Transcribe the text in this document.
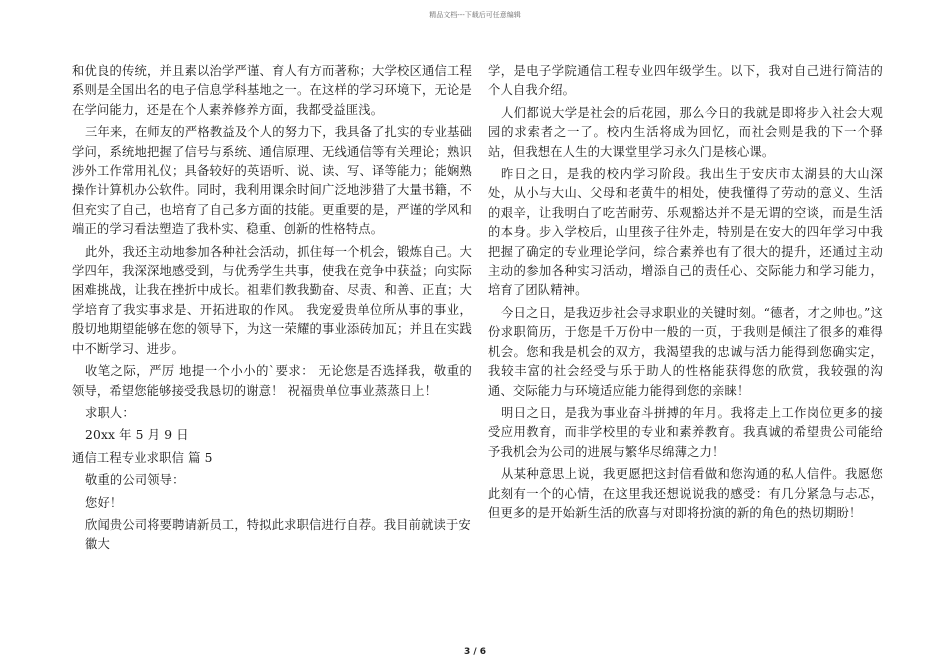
精品文档---下载后可任意编辑

和优良的传统，并且素以治学严谨、育人有方而著称；大学校区通信工程系则是全国出名的电子信息学科基地之一。在这样的学习环境下，无论是在学问能力，还是在个人素养修养方面，我都受益匪浅。

三年来，在师友的严格教益及个人的努力下，我具备了扎实的专业基础学问，系统地把握了信号与系统、通信原理、无线通信等有关理论；熟识涉外工作常用礼仪；具备较好的英语听、说、读、写、译等能力；能娴熟操作计算机办公软件。同时，我利用课余时间广泛地涉猎了大量书籍，不但充实了自己，也培育了自己多方面的技能。更重要的是，严谨的学风和端正的学习看法塑造了我朴实、稳重、创新的性格特点。

此外，我还主动地参加各种社会活动，抓住每一个机会，锻炼自己。大学四年，我深深地感受到，与优秀学生共事，使我在竞争中获益；向实际困难挑战，让我在挫折中成长。祖辈们教我勤奋、尽责、和善、正直；大学培育了我实事求是、开拓进取的作风。 我宠爱贵单位所从事的事业，殷切地期望能够在您的领导下，为这一荣耀的事业添砖加瓦；并且在实践中不断学习、进步。

收笔之际，严厉 地提一个小小的`要求： 无论您是否选择我，敬重的领导，希望您能够接受我恳切的谢意！ 祝福贵单位事业蒸蒸日上！

求职人：
20xx 年 5 月 9 日
通信工程专业求职信 篇 5
敬重的公司领导：
您好！
欣闻贵公司将要聘请新员工，特拟此求职信进行自荐。我目前就读于安徽大

学，是电子学院通信工程专业四年级学生。以下，我对自己进行简洁的个人自我介绍。

人们都说大学是社会的后花园，那么今日的我就是即将步入社会大观园的求索者之一了。校内生活将成为回忆，而社会则是我的下一个驿站，但我想在人生的大课堂里学习永久门是核心课。

昨日之日，是我的校内学习阶段。我出生于安庆市太湖县的大山深处，从小与大山、父母和老黄牛的相处，使我懂得了劳动的意义、生活的艰辛，让我明白了吃苦耐劳、乐观豁达并不是无谓的空谈，而是生活的本身。步入学校后，山里孩子往外走，特别是在安大的四年学习中我把握了确定的专业理论学问，综合素养也有了很大的提升，还通过主动主动的参加各种实习活动，增添自己的责任心、交际能力和学习能力，培育了团队精神。

今日之日，是我迈步社会寻求职业的关键时刻。“德者，才之帅也。”这份求职简历，于您是千万份中一般的一页，于我则是倾注了很多的难得机会。您和我是机会的双方，我渴望我的忠诚与活力能得到您确实定，我较丰富的社会经受与乐于助人的性格能获得您的欣赏，我较强的沟通、交际能力与环境适应能力能得到您的亲睐！

明日之日，是我为事业奋斗拼搏的年月。我将走上工作岗位更多的接受应用教育，而非学校里的专业和素养教育。我真诚的希望贵公司能给予我机会为公司的进展与繁华尽绵薄之力！

从某种意思上说，我更愿把这封信看做和您沟通的私人信件。我愿您此刻有一个的心情，在这里我还想说说我的感受：有几分紧急与忐忑，但更多的是开始新生活的欣喜与对即将扮演的新的角色的热切期盼！

3 / 6
